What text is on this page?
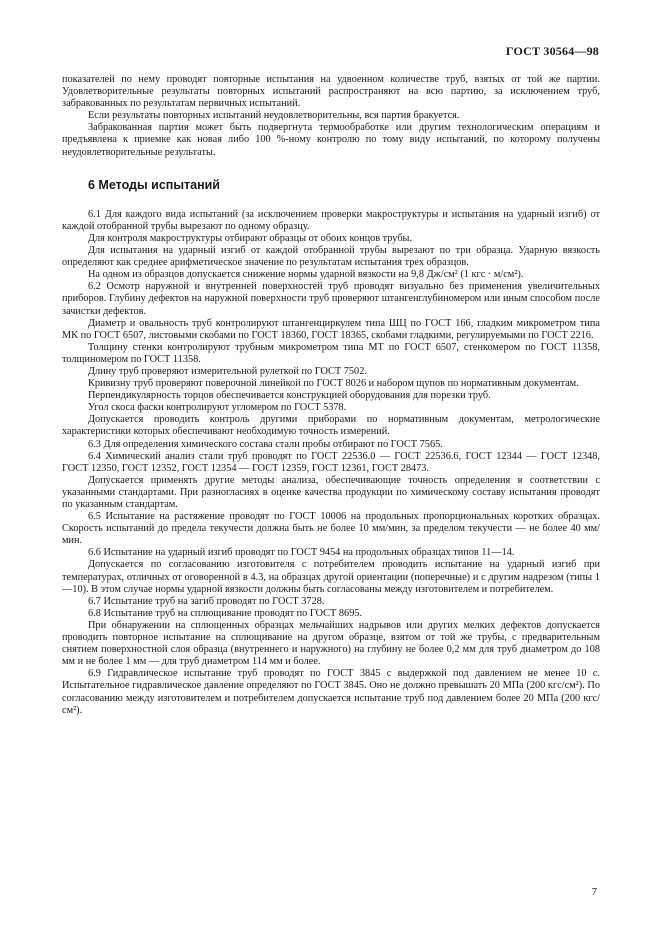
ГОСТ 30564—98

показателей по нему проводят повторные испытания на удвоенном количестве труб, взятых от той же партии. Удовлетворительные результаты повторных испытаний распространяют на всю партию, за исключением труб, забракованных по результатам первичных испытаний.

Если результаты повторных испытаний неудовлетворительны, вся партия бракуется.

Забракованная партия может быть подвергнута термообработке или другим технологическим операциям и предъявлена к приемке как новая либо 100 %-ному контролю по тому виду испытаний, по которому получены неудовлетворительные результаты.

6 Методы испытаний

6.1 Для каждого вида испытаний (за исключением проверки макроструктуры и испытания на ударный изгиб) от каждой отобранной трубы вырезают по одному образцу.

Для контроля макроструктуры отбирают образцы от обоих концов трубы.

Для испытания на ударный изгиб от каждой отобранной трубы вырезают по три образца. Ударную вязкость определяют как среднее арифметическое значение по результатам испытания трех образцов.

На одном из образцов допускается снижение нормы ударной вязкости на 9,8 Дж/см² (1 кгс · м/см²).

6.2 Осмотр наружной и внутренней поверхностей труб проводят визуально без применения увеличительных приборов. Глубину дефектов на наружной поверхности труб проверяют штангенглубиномером или иным способом после зачистки дефектов.

Диаметр и овальность труб контролируют штангенциркулем типа ШЦ по ГОСТ 166, гладким микрометром типа МК по ГОСТ 6507, листовыми скобами по ГОСТ 18360, ГОСТ 18365, скобами гладкими, регулируемыми по ГОСТ 2216.

Толщину стенки контролируют трубным микрометром типа МТ по ГОСТ 6507, стенкомером по ГОСТ 11358, толщиномером по ГОСТ 11358.

Длину труб проверяют измерительной рулеткой по ГОСТ 7502.

Кривизну труб проверяют поверочной линейкой по ГОСТ 8026 и набором щупов по нормативным документам.

Перпендикулярность торцов обеспечивается конструкцией оборудования для порезки труб.

Угол скоса фаски контролируют угломером по ГОСТ 5378.

Допускается проводить контроль другими приборами по нормативным документам, метрологические характеристики которых обеспечивают необходимую точность измерений.

6.3 Для определения химического состава стали пробы отбирают по ГОСТ 7565.

6.4 Химический анализ стали труб проводят по ГОСТ 22536.0 — ГОСТ 22536.6, ГОСТ 12344 — ГОСТ 12348, ГОСТ 12350, ГОСТ 12352, ГОСТ 12354 — ГОСТ 12359, ГОСТ 12361, ГОСТ 28473.

Допускается применять другие методы анализа, обеспечивающие точность определения в соответствии с указанными стандартами. При разногласиях в оценке качества продукции по химическому составу испытания проводят по указанным стандартам.

6.5 Испытание на растяжение проводят по ГОСТ 10006 на продольных пропорциональных коротких образцах. Скорость испытаний до предела текучести должна быть не более 10 мм/мин, за пределом текучести — не более 40 мм/мин.

6.6 Испытание на ударный изгиб проводят по ГОСТ 9454 на продольных образцах типов 11—14.

Допускается по согласованию изготовителя с потребителем проводить испытание на ударный изгиб при температурах, отличных от оговоренной в 4.3, на образцах другой ориентации (поперечные) и с другим надрезом (типы 1—10). В этом случае нормы ударной вязкости должны быть согласованы между изготовителем и потребителем.

6.7 Испытание труб на загиб проводят по ГОСТ 3728.

6.8 Испытание труб на сплющивание проводят по ГОСТ 8695.

При обнаружении на сплющенных образцах мельчайших надрывов или других мелких дефектов допускается проводить повторное испытание на сплющивание на другом образце, взятом от той же трубы, с предварительным снятием поверхностной слоя образца (внутреннего и наружного) на глубину не более 0,2 мм для труб диаметром до 108 мм и не более 1 мм — для труб диаметром 114 мм и более.

6.9 Гидравлическое испытание труб проводят по ГОСТ 3845 с выдержкой под давлением не менее 10 с. Испытательное гидравлическое давление определяют по ГОСТ 3845. Оно не должно превышать 20 МПа (200 кгс/см²). По согласованию между изготовителем и потребителем допускается испытание труб под давлением более 20 МПа (200 кгс/см²).

7
